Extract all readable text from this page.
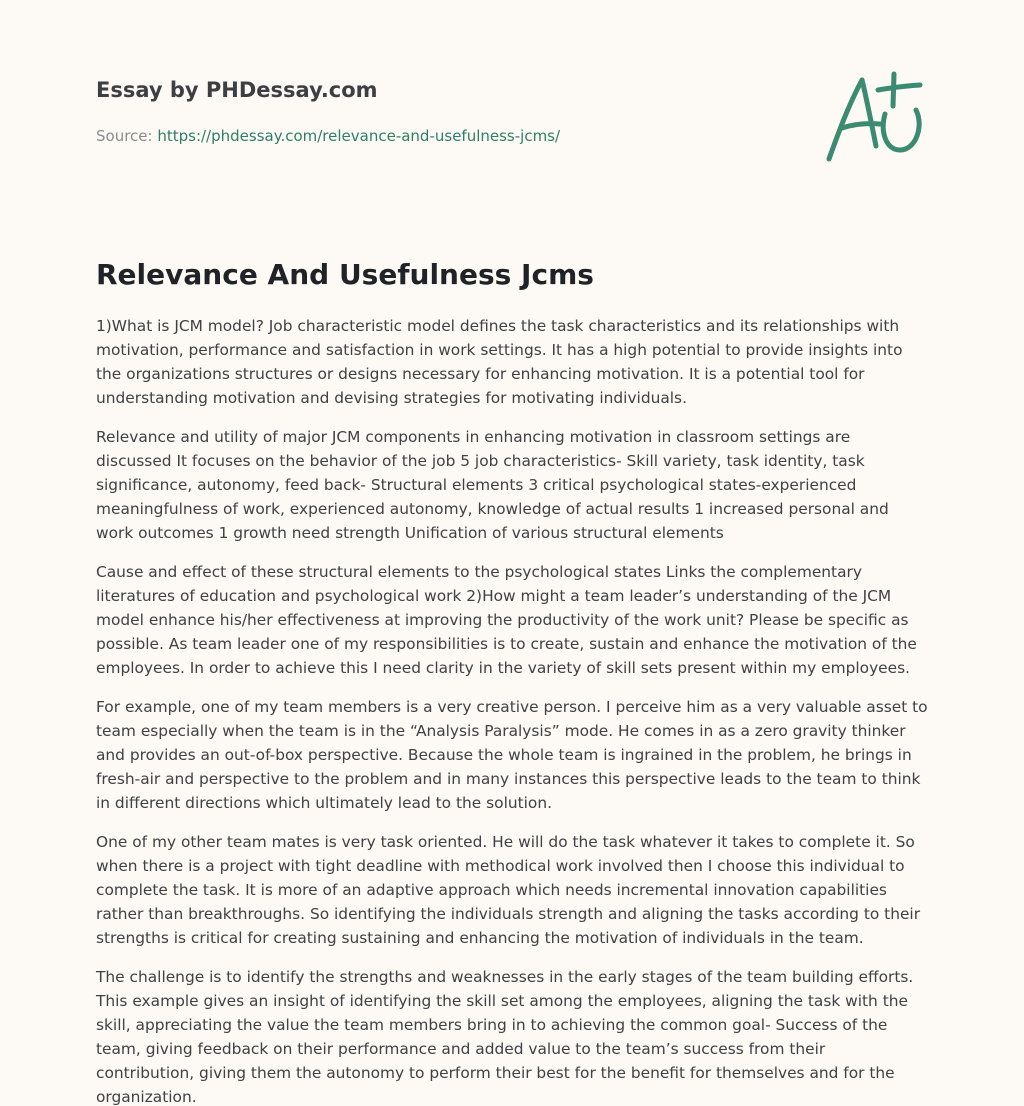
Essay by PHDessay.com
Source: https://phdessay.com/relevance-and-usefulness-jcms/
Relevance And Usefulness Jcms

1)What is JCM model? Job characteristic model defines the task characteristics and its relationships with motivation, performance and satisfaction in work settings. It has a high potential to provide insights into the organizations structures or designs necessary for enhancing motivation. It is a potential tool for understanding motivation and devising strategies for motivating individuals.

Relevance and utility of major JCM components in enhancing motivation in classroom settings are discussed It focuses on the behavior of the job 5 job characteristics- Skill variety, task identity, task significance, autonomy, feed back- Structural elements 3 critical psychological states-experienced meaningfulness of work, experienced autonomy, knowledge of actual results 1 increased personal and work outcomes 1 growth need strength Unification of various structural elements

Cause and effect of these structural elements to the psychological states Links the complementary literatures of education and psychological work 2)How might a team leader’s understanding of the JCM model enhance his/her effectiveness at improving the productivity of the work unit? Please be specific as possible. As team leader one of my responsibilities is to create, sustain and enhance the motivation of the employees. In order to achieve this I need clarity in the variety of skill sets present within my employees.

For example, one of my team members is a very creative person. I perceive him as a very valuable asset to team especially when the team is in the “Analysis Paralysis” mode. He comes in as a zero gravity thinker and provides an out-of-box perspective. Because the whole team is ingrained in the problem, he brings in fresh-air and perspective to the problem and in many instances this perspective leads to the team to think in different directions which ultimately lead to the solution.

One of my other team mates is very task oriented. He will do the task whatever it takes to complete it. So when there is a project with tight deadline with methodical work involved then I choose this individual to complete the task. It is more of an adaptive approach which needs incremental innovation capabilities rather than breakthroughs. So identifying the individuals strength and aligning the tasks according to their strengths is critical for creating sustaining and enhancing the motivation of individuals in the team.

The challenge is to identify the strengths and weaknesses in the early stages of the team building efforts. This example gives an insight of identifying the skill set among the employees, aligning the task with the skill, appreciating the value the team members bring in to achieving the common goal- Success of the team, giving feedback on their performance and added value to the team’s success from their contribution, giving them the autonomy to perform their best for the benefit for themselves and for the organization.
